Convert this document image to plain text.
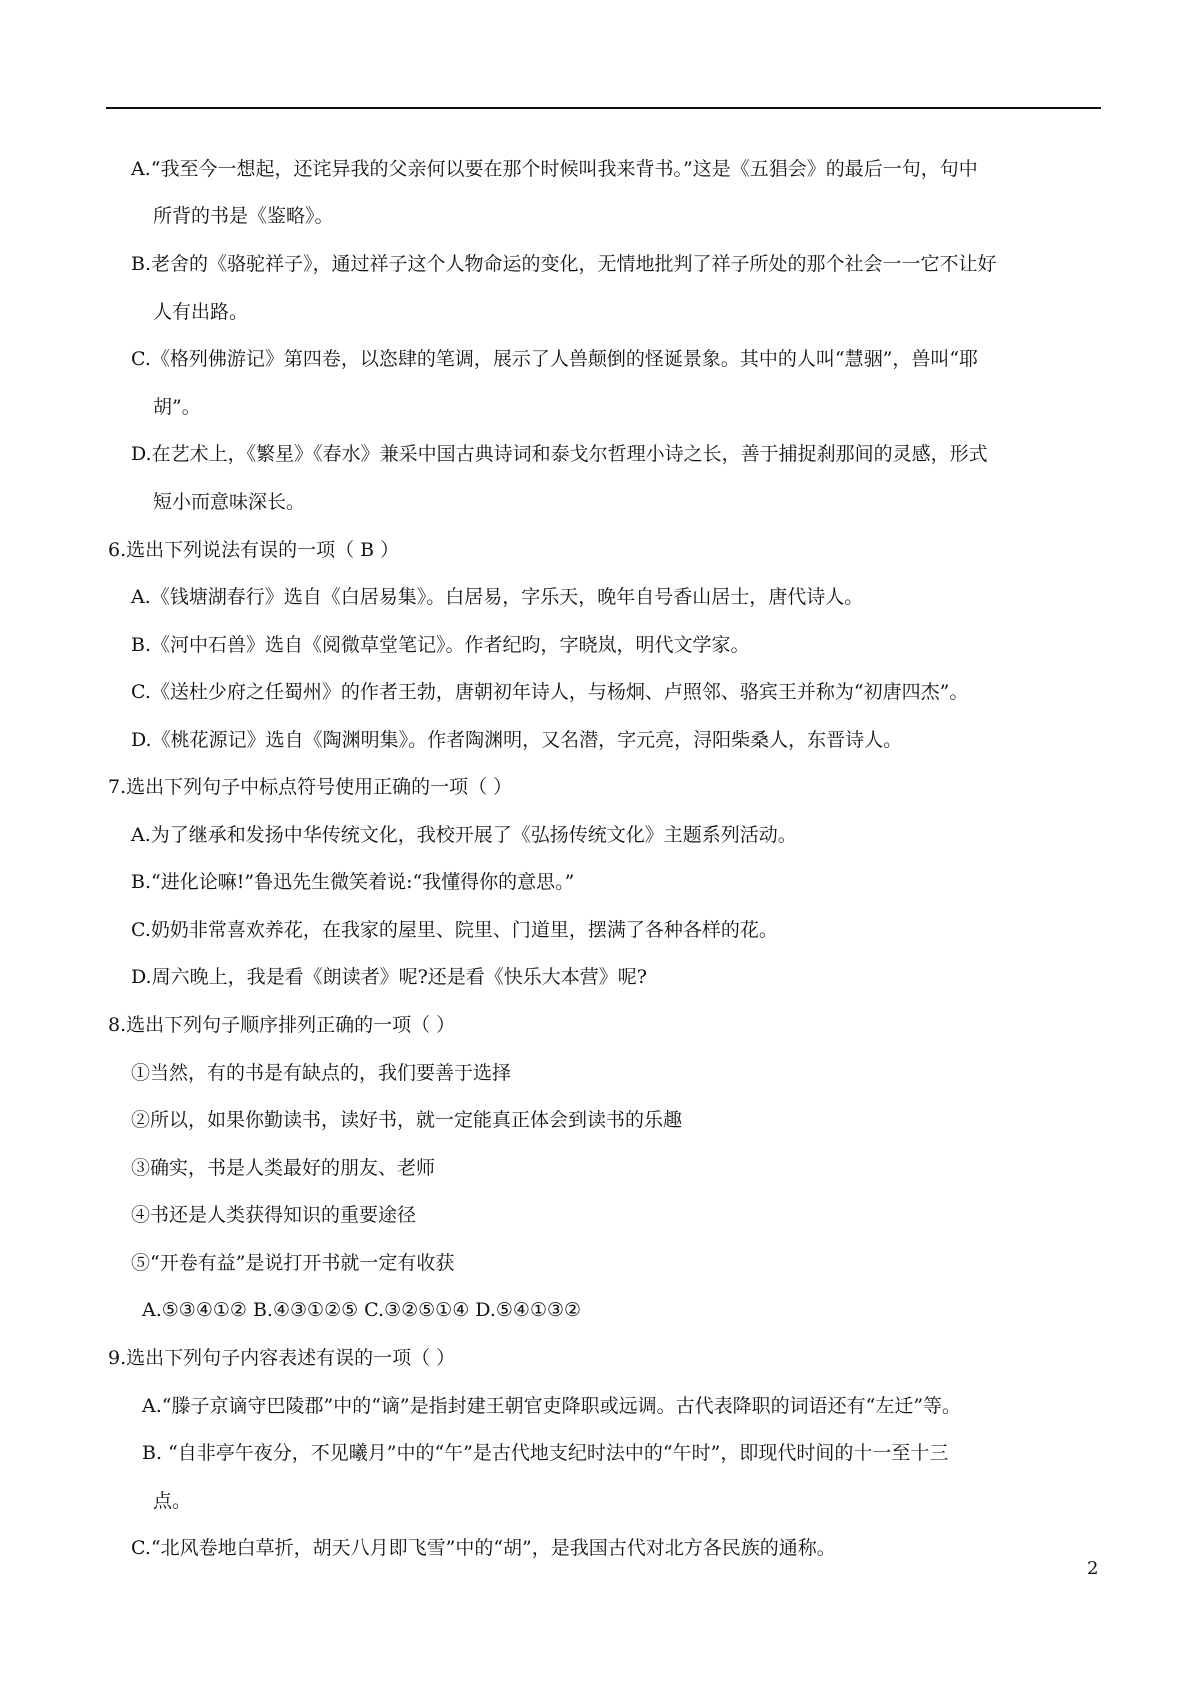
A.“我至今一想起，还诧异我的父亲何以要在那个时候叫我来背书。”这是《五猖会》的最后一句，句中
所背的书是《鉴略》。
B.老舍的《骆驼祥子》，通过祥子这个人物命运的变化，无情地批判了祥子所处的那个社会一一它不让好
人有出路。
C.《格列佛游记》第四卷，以恣肆的笔调，展示了人兽颠倒的怪诞景象。其中的人叫“慧骃”，兽叫“耶
胡”。
D.在艺术上，《繁星》《春水》兼采中国古典诗词和泰戈尔哲理小诗之长，善于捕捉刹那间的灵感，形式
短小而意味深长。
6.选出下列说法有误的一项（ B ）
A.《钱塘湖春行》选自《白居易集》。白居易，字乐天，晚年自号香山居士，唐代诗人。
B.《河中石兽》选自《阅微草堂笔记》。作者纪昀，字晓岚，明代文学家。
C.《送杜少府之任蜀州》的作者王勃，唐朝初年诗人，与杨炯、卢照邻、骆宾王并称为“初唐四杰”。
D.《桃花源记》选自《陶渊明集》。作者陶渊明，又名潜，字元亮，浔阳柴桑人，东晋诗人。
7.选出下列句子中标点符号使用正确的一项（ ）
A.为了继承和发扬中华传统文化，我校开展了《弘扬传统文化》主题系列活动。
B.“进化论嘛!”鲁迅先生微笑着说:“我懂得你的意思。”
C.奶奶非常喜欢养花，在我家的屋里、院里、门道里，摆满了各种各样的花。
D.周六晚上，我是看《朗读者》呢?还是看《快乐大本营》呢?
8.选出下列句子顺序排列正确的一项（ ）
①当然，有的书是有缺点的，我们要善于选择
②所以，如果你勤读书，读好书，就一定能真正体会到读书的乐趣
③确实，书是人类最好的朋友、老师
④书还是人类获得知识的重要途径
⑤“开卷有益”是说打开书就一定有收获
A.⑤③④①② B.④③①②⑤ C.③②⑤①④ D.⑤④①③②
9.选出下列句子内容表述有误的一项（ ）
A.“滕子京谪守巴陵郡”中的“谪”是指封建王朝官吏降职或远调。古代表降职的词语还有“左迁”等。
B. “自非亭午夜分，不见曦月”中的“午”是古代地支纪时法中的“午时”，即现代时间的十一至十三
点。
C.“北风卷地白草折，胡天八月即飞雪”中的“胡”，是我国古代对北方各民族的通称。
2
